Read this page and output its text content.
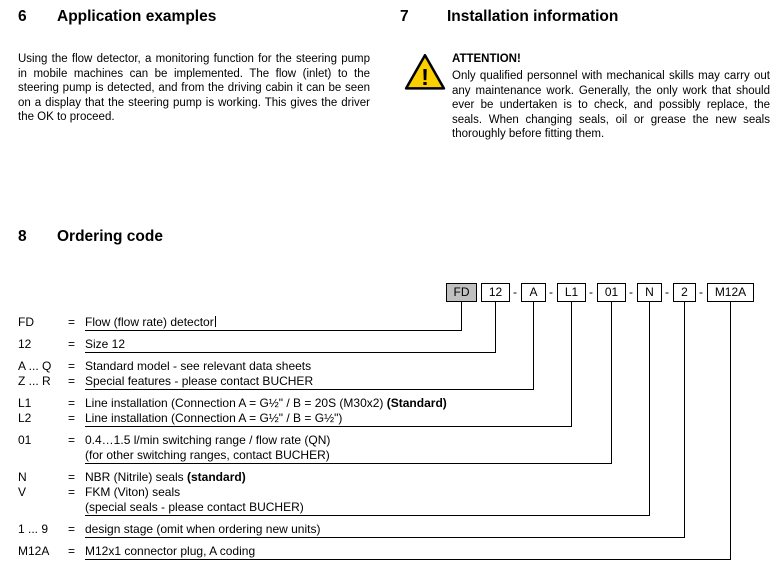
6 Application examples
Using the flow detector, a monitoring function for the steering pump in mobile machines can be implemented. The flow (inlet) to the steering pump is detected, and from the driving cabin it can be seen on a display that the steering pump is working. This gives the driver the OK to proceed.
7 Installation information
!
ATTENTION!
Only qualified personnel with mechanical skills may carry out any maintenance work. Generally, the only work that should ever be undertaken is to check, and possibly replace, the seals. When changing seals, oil or grease the new seals thoroughly before fitting them.
8 Ordering code
FD	12	A	L1	01	N	2	M12A
-	-	-	-	-	-
FD	= Flow (flow rate) detector
12	= Size 12
A ... Q = Standard model - see relevant data sheets
Z ... R = Special features - please contact BUCHER
L1	= Line installation (Connection A = G½" / B = 20S (M30x2) (Standard)
L2	= Line installation (Connection A = G½" / B = G½")
01	= 0.4…1.5 l/min switching range / flow rate (QN)
(for other switching ranges, contact BUCHER)
N	= NBR (Nitrile) seals (standard)
V	= FKM (Viton) seals
(special seals - please contact BUCHER)
1 ... 9 = design stage (omit when ordering new units)
M12A = M12x1 connector plug, A coding
